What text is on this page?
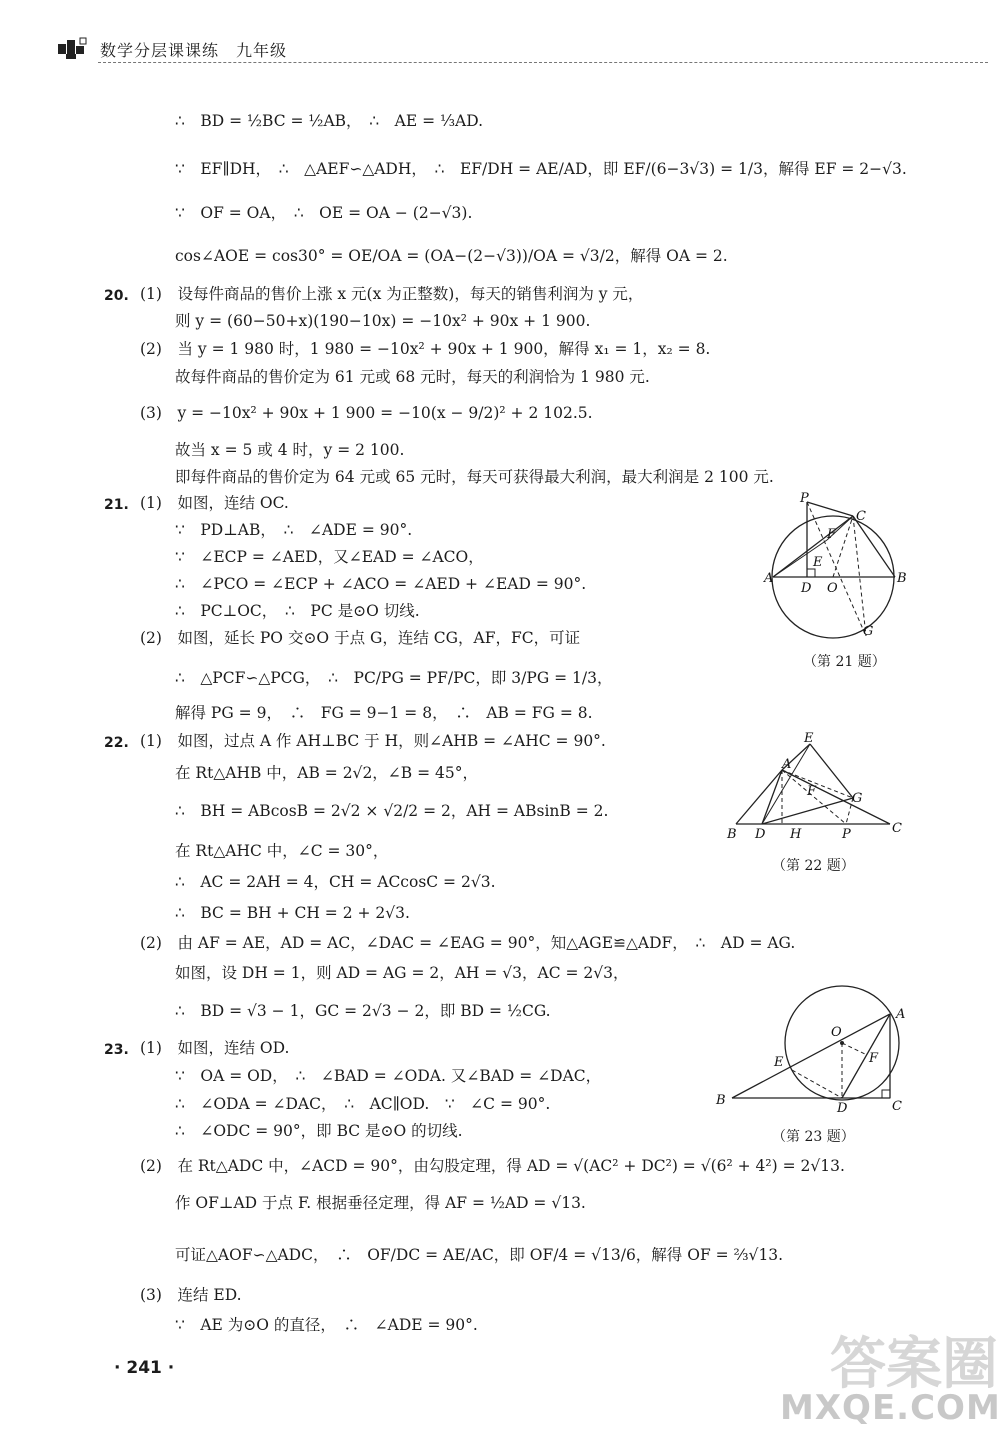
数学分层课课练　九年级
∴　BD = ½BC = ½AB，　∴　AE = ⅓AD.
∵　EF∥DH，　∴　△AEF∽△ADH，　∴　EF/DH = AE/AD，即 EF/(6−3√3) = 1/3，解得 EF = 2−√3.
∵　OF = OA，　∴　OE = OA − (2−√3).
cos∠AOE = cos30° = OE/OA = (OA−(2−√3))/OA = √3/2，解得 OA = 2.
20. (1)　设每件商品的售价上涨 x 元(x 为正整数)，每天的销售利润为 y 元，
则 y = (60−50+x)(190−10x) = −10x² + 90x + 1 900.
(2)　当 y = 1 980 时，1 980 = −10x² + 90x + 1 900，解得 x₁ = 1，x₂ = 8.
故每件商品的售价定为 61 元或 68 元时，每天的利润恰为 1 980 元.
(3)　y = −10x² + 90x + 1 900 = −10(x − 9/2)² + 2 102.5.
故当 x = 5 或 4 时，y = 2 100.
即每件商品的售价定为 64 元或 65 元时，每天可获得最大利润，最大利润是 2 100 元.
21. (1)　如图，连结 OC.
∵　PD⊥AB，　∴　∠ADE = 90°.
∵　∠ECP = ∠AED，又∠EAD = ∠ACO，
∴　∠PCO = ∠ECP + ∠ACO = ∠AED + ∠EAD = 90°.
∴　PC⊥OC，　∴　PC 是⊙O 切线.
(2)　如图，延长 PO 交⊙O 于点 G，连结 CG，AF，FC，可证
∴　△PCF∽△PCG，　∴　PC/PG = PF/PC，即 3/PG = 1/3，
解得 PG = 9，　∴　FG = 9−1 = 8，　∴　AB = FG = 8.
22. (1)　如图，过点 A 作 AH⊥BC 于 H，则∠AHB = ∠AHC = 90°.
在 Rt△AHB 中，AB = 2√2，∠B = 45°，
∴　BH = ABcosB = 2√2 × √2/2 = 2，AH = ABsinB = 2.
在 Rt△AHC 中，∠C = 30°，
∴　AC = 2AH = 4，CH = ACcosC = 2√3.
∴　BC = BH + CH = 2 + 2√3.
(2)　由 AF = AE，AD = AC，∠DAC = ∠EAG = 90°，知△AGE≌△ADF，　∴　AD = AG.
如图，设 DH = 1，则 AD = AG = 2，AH = √3，AC = 2√3，
∴　BD = √3 − 1，GC = 2√3 − 2，即 BD = ½CG.
23. (1)　如图，连结 OD.
∵　OA = OD，　∴　∠BAD = ∠ODA. 又∠BAD = ∠DAC，
∴　∠ODA = ∠DAC，　∴　AC∥OD.　∵　∠C = 90°.
∴　∠ODC = 90°，即 BC 是⊙O 的切线.
(2)　在 Rt△ADC 中，∠ACD = 90°，由勾股定理，得 AD = √(AC² + DC²) = √(6² + 4²) = 2√13.
作 OF⊥AD 于点 F. 根据垂径定理，得 AF = ½AD = √13.
可证△AOF∽△ADC，　∴　OF/DC = AE/AC，即 OF/4 = √13/6，解得 OF = ⅔√13.
(3)　连结 ED.
∵　AE 为⊙O 的直径，　∴　∠ADE = 90°.
P
C
F
E
A
D O
B
G
（第 21 题）
E
A
F	G
B D H	P	C
（第 22 题）
O
A
E	F
B
D	C
（第 23 题）
· 241 ·	答案圈
MXQE.COM
